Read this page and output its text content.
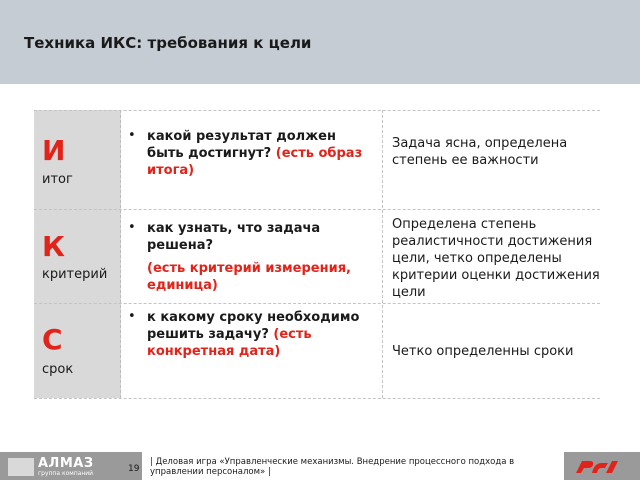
Техника ИКС: требования к цели
И
итог
• какой результат должен быть достигнут? (есть образ итога)
Задача ясна, определена степень ее важности
К
критерий
• как узнать, что задача решена?
(есть критерий измерения, единица)
Определена степень реалистичности достижения цели, четко определены критерии оценки достижения цели
С
срок
• к какому сроку необходимо решить задачу? (есть конкретная дата)	Четко определенны сроки
АЛМАЗ
группа компаний	19
| Деловая игра «Управленческие механизмы. Внедрение процессного подхода в управлении персоналом» |
